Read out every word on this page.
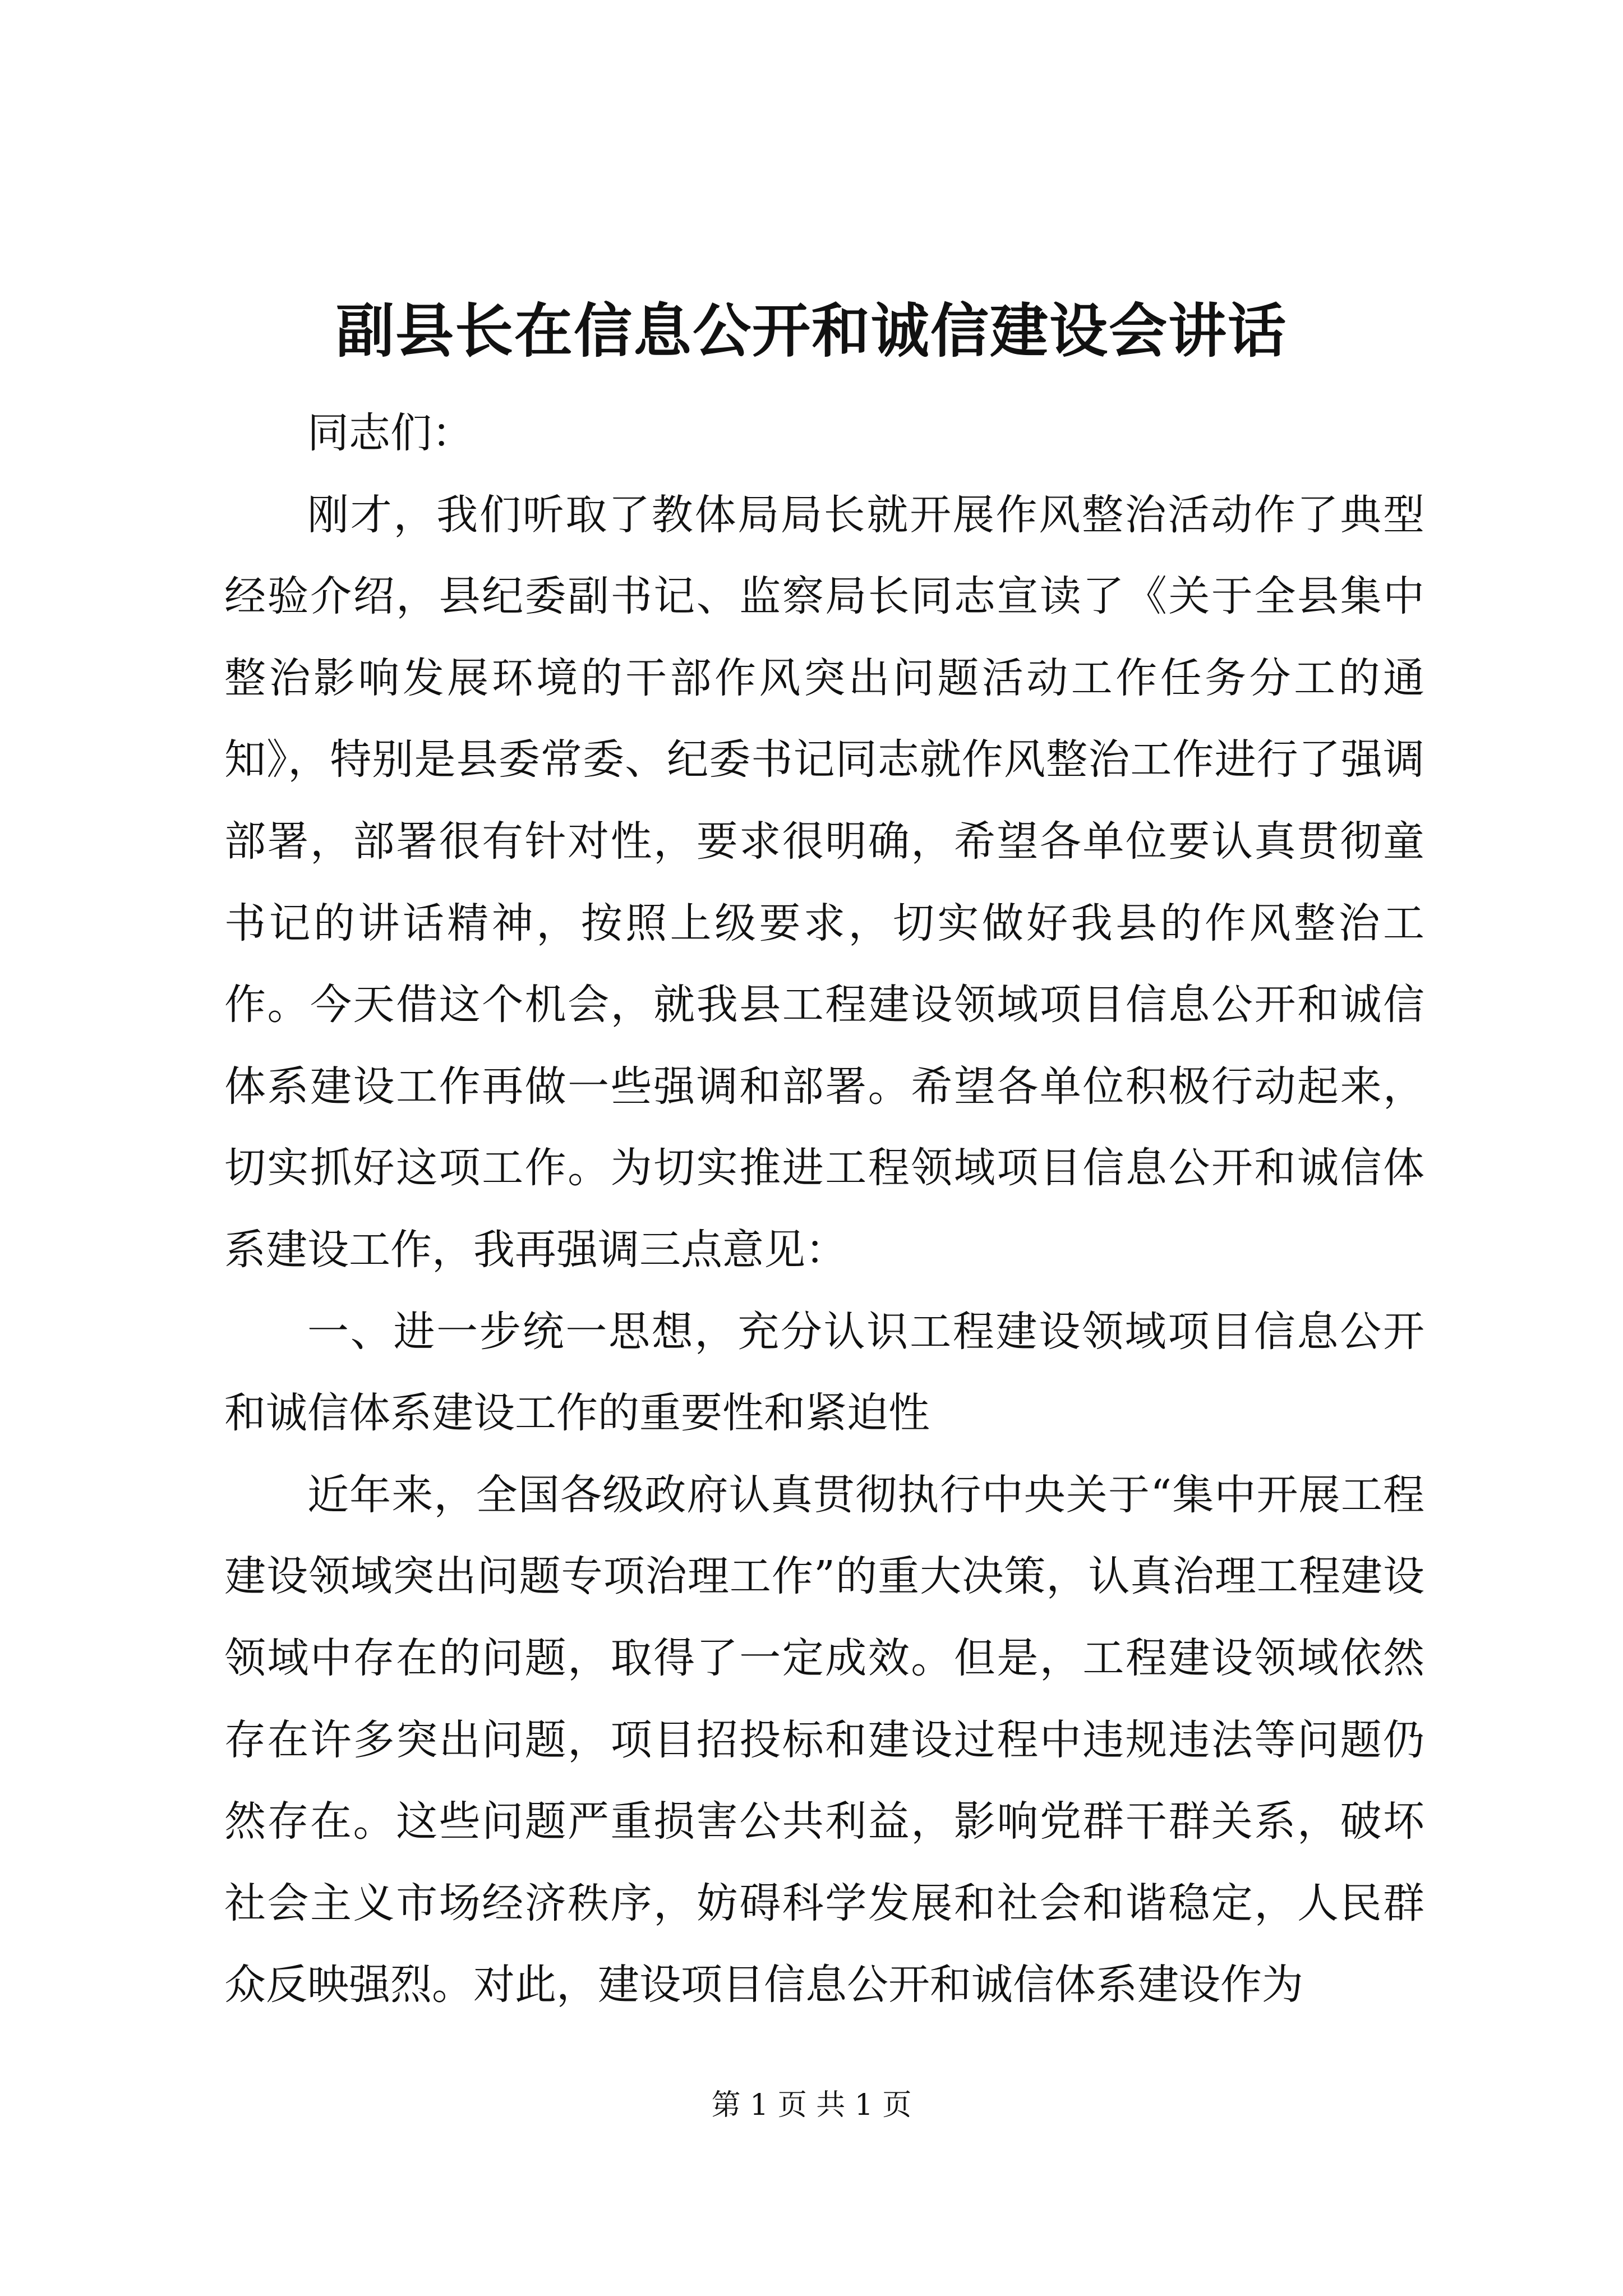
副县长在信息公开和诚信建设会讲话

同志们：

刚才，我们听取了教体局局长就开展作风整治活动作了典型经验介绍，县纪委副书记、监察局长同志宣读了《关于全县集中整治影响发展环境的干部作风突出问题活动工作任务分工的通知》，特别是县委常委、纪委书记同志就作风整治工作进行了强调部署，部署很有针对性，要求很明确，希望各单位要认真贯彻童书记的讲话精神，按照上级要求，切实做好我县的作风整治工作。今天借这个机会，就我县工程建设领域项目信息公开和诚信体系建设工作再做一些强调和部署。希望各单位积极行动起来，切实抓好这项工作。为切实推进工程领域项目信息公开和诚信体系建设工作，我再强调三点意见：

一、进一步统一思想，充分认识工程建设领域项目信息公开和诚信体系建设工作的重要性和紧迫性

近年来，全国各级政府认真贯彻执行中央关于“集中开展工程建设领域突出问题专项治理工作”的重大决策，认真治理工程建设领域中存在的问题，取得了一定成效。但是，工程建设领域依然存在许多突出问题，项目招投标和建设过程中违规违法等问题仍然存在。这些问题严重损害公共利益，影响党群干群关系，破坏社会主义市场经济秩序，妨碍科学发展和社会和谐稳定，人民群众反映强烈。对此，建设项目信息公开和诚信体系建设作为

第 1 页 共 1 页
